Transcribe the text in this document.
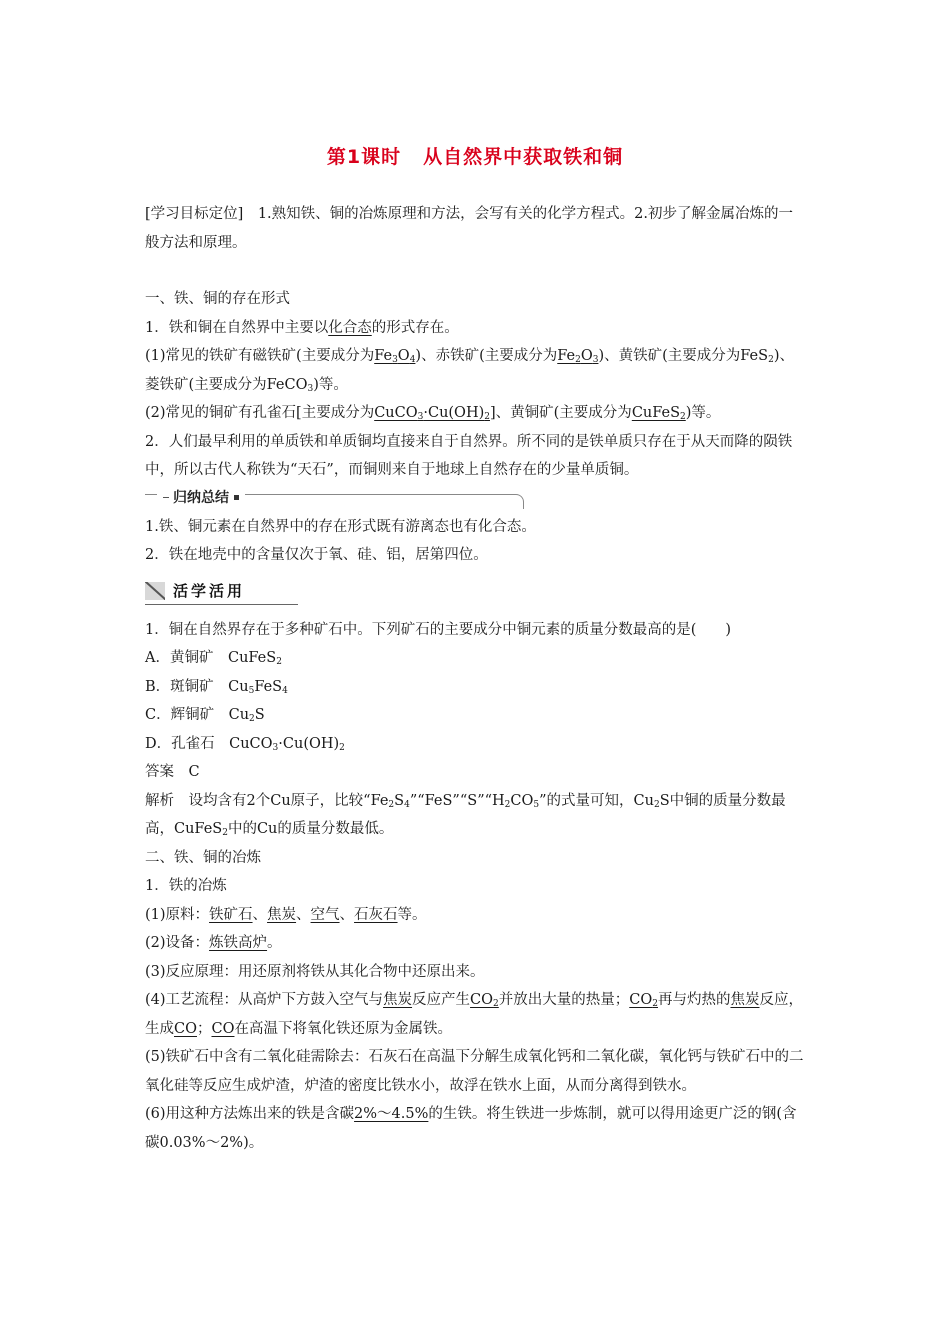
第1课时 从自然界中获取铁和铜

[学习目标定位]　1.熟知铁、铜的冶炼原理和方法，会写有关的化学方程式。2.初步了解金属冶炼的一般方法和原理。

一、铁、铜的存在形式

1．铁和铜在自然界中主要以化合态的形式存在。

(1)常见的铁矿有磁铁矿(主要成分为$Fe_3O_4$)、赤铁矿(主要成分为$Fe_2O_3$)、黄铁矿(主要成分为FeS$_2$)、菱铁矿(主要成分为FeCO$_3$)等。

(2)常见的铜矿有孔雀石[主要成分为$CuCO_3\cdot Cu(OH)_2$]、黄铜矿(主要成分为CuFeS$_2$)等。

2．人们最早利用的单质铁和单质铜均直接来自于自然界。所不同的是铁单质只存在于从天而降的陨铁中，所以古代人称铁为“天石”，而铜则来自于地球上自然存在的少量单质铜。

归纳总结

1.铁、铜元素在自然界中的存在形式既有游离态也有化合态。

2．铁在地壳中的含量仅次于氧、硅、铝，居第四位。

活学活用

1．铜在自然界存在于多种矿石中。下列矿石的主要成分中铜元素的质量分数最高的是(　　)

A．黄铜矿　CuFeS$_2$

B．斑铜矿　$Cu_5FeS_4$

C．辉铜矿　$Cu_2S$

D．孔雀石　$CuCO_3\cdot Cu(OH)_2$

答案　C

解析　设均含有2个Cu原子，比较“$Fe_2S_4”“FeS”“S”“H_2CO_5$”的式量可知，$Cu_2S$中铜的质量分数最高，CuFeS$_2$中的Cu的质量分数最低。

二、铁、铜的冶炼

1．铁的冶炼

(1)原料：铁矿石、焦炭、空气、石灰石等。

(2)设备：炼铁高炉。

(3)反应原理：用还原剂将铁从其化合物中还原出来。

(4)工艺流程：从高炉下方鼓入空气与焦炭反应产生$CO_2$并放出大量的热量；$CO_2$再与灼热的焦炭反应，生成CO；CO在高温下将氧化铁还原为金属铁。

(5)铁矿石中含有二氧化硅需除去：石灰石在高温下分解生成氧化钙和二氧化碳，氧化钙与铁矿石中的二氧化硅等反应生成炉渣，炉渣的密度比铁水小，故浮在铁水上面，从而分离得到铁水。

(6)用这种方法炼出来的铁是含碳2%～4.5%的生铁。将生铁进一步炼制，就可以得用途更广泛的钢(含碳0.03%～2%)。
